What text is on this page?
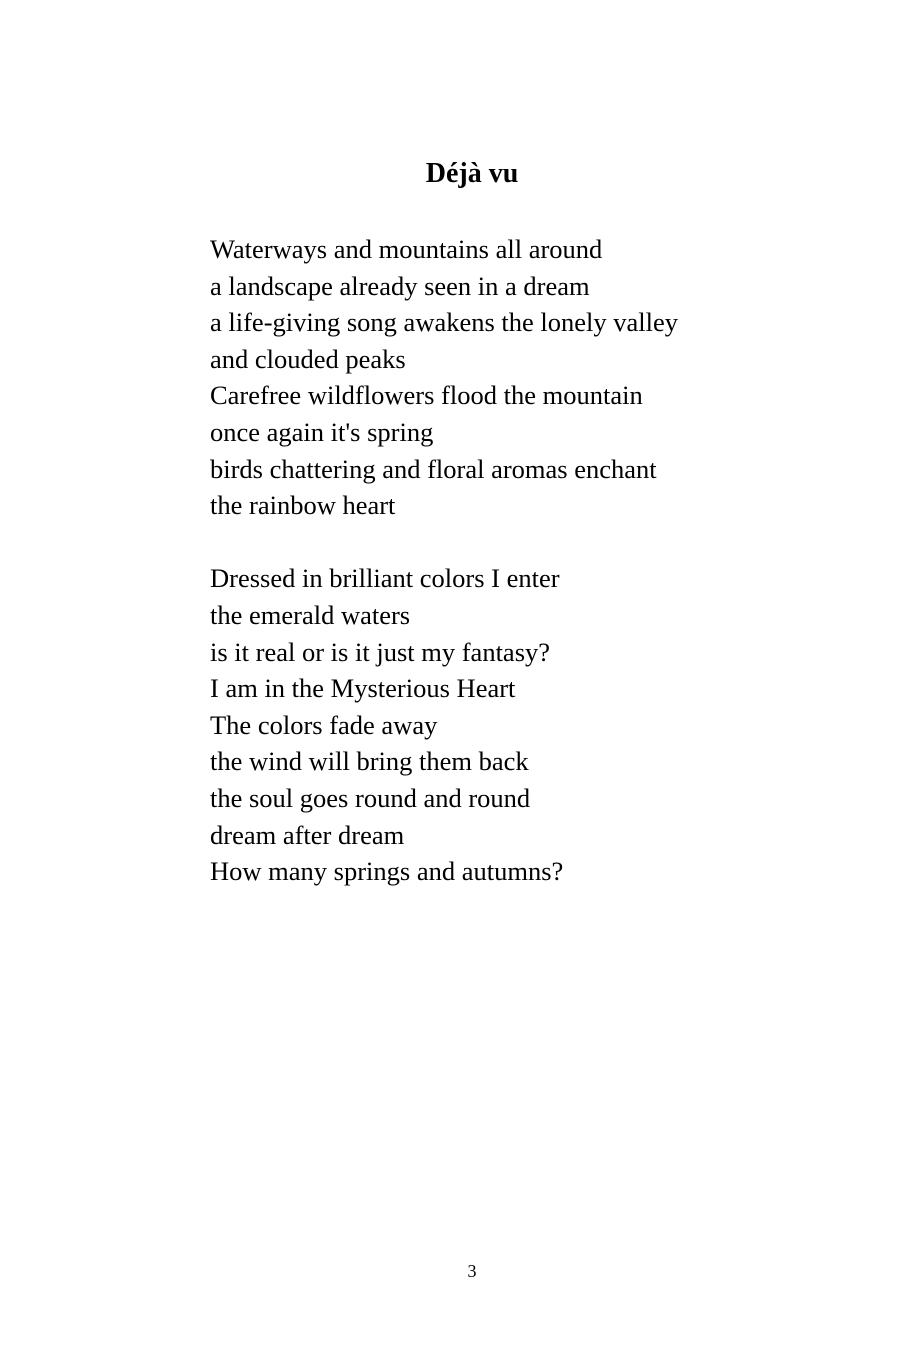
Déjà vu

Waterways and mountains all around
a landscape already seen in a dream
a life-giving song awakens the lonely valley
and clouded peaks
Carefree wildflowers flood the mountain
once again it's spring
birds chattering and floral aromas enchant
the rainbow heart

Dressed in brilliant colors I enter
the emerald waters
is it real or is it just my fantasy?
I am in the Mysterious Heart
The colors fade away
the wind will bring them back
the soul goes round and round
dream after dream
How many springs and autumns?

3
